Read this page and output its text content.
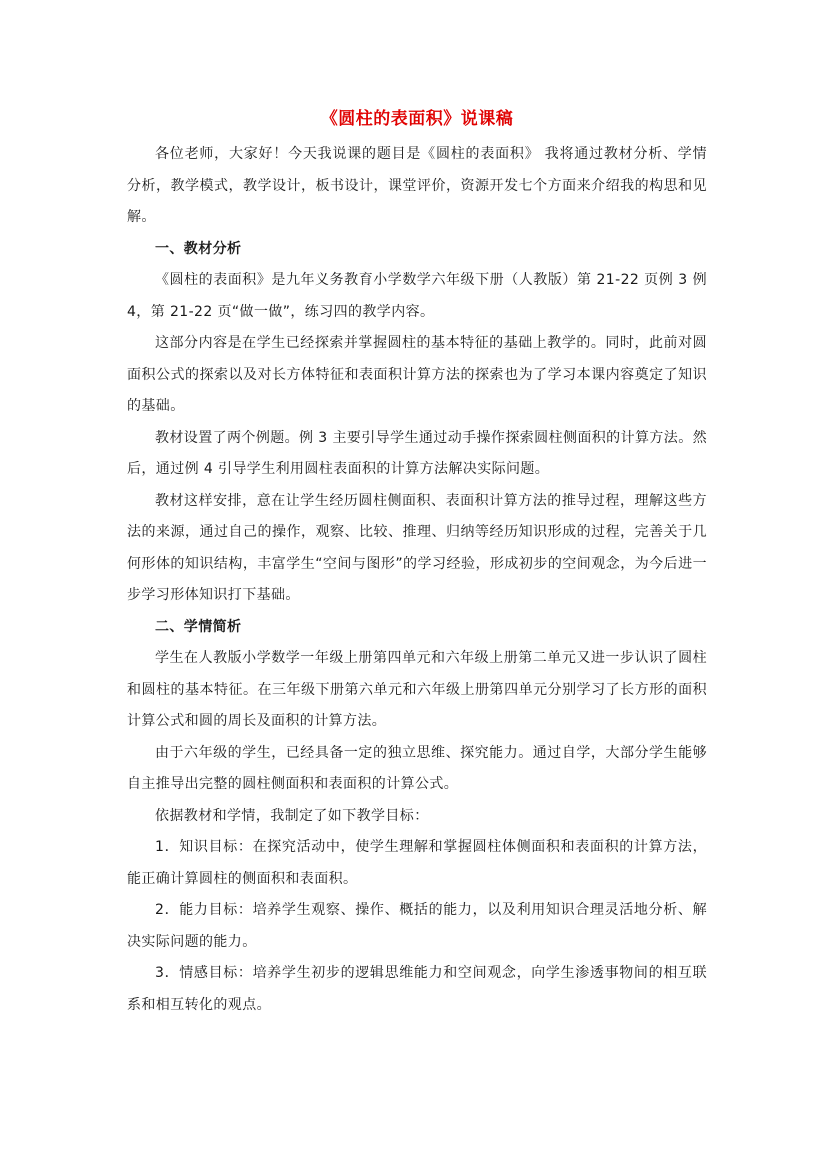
《圆柱的表面积》说课稿

各位老师，大家好！今天我说课的题目是《圆柱的表面积》 我将通过教材分析、学情分析，教学模式，教学设计，板书设计，课堂评价，资源开发七个方面来介绍我的构思和见解。

一、教材分析

《圆柱的表面积》是九年义务教育小学数学六年级下册（人教版）第 21-22 页例 3 例 4，第 21-22 页“做一做”，练习四的教学内容。

这部分内容是在学生已经探索并掌握圆柱的基本特征的基础上教学的。同时，此前对圆面积公式的探索以及对长方体特征和表面积计算方法的探索也为了学习本课内容奠定了知识的基础。

教材设置了两个例题。例 3 主要引导学生通过动手操作探索圆柱侧面积的计算方法。然后，通过例 4 引导学生利用圆柱表面积的计算方法解决实际问题。

教材这样安排，意在让学生经历圆柱侧面积、表面积计算方法的推导过程，理解这些方法的来源，通过自己的操作，观察、比较、推理、归纳等经历知识形成的过程，完善关于几何形体的知识结构，丰富学生“空间与图形”的学习经验，形成初步的空间观念，为今后进一步学习形体知识打下基础。

二、学情简析

学生在人教版小学数学一年级上册第四单元和六年级上册第二单元又进一步认识了圆柱和圆柱的基本特征。在三年级下册第六单元和六年级上册第四单元分别学习了长方形的面积计算公式和圆的周长及面积的计算方法。

由于六年级的学生，已经具备一定的独立思维、探究能力。通过自学，大部分学生能够自主推导出完整的圆柱侧面积和表面积的计算公式。

依据教材和学情，我制定了如下教学目标：

1．知识目标：在探究活动中，使学生理解和掌握圆柱体侧面积和表面积的计算方法，能正确计算圆柱的侧面积和表面积。

2．能力目标：培养学生观察、操作、概括的能力，以及利用知识合理灵活地分析、解决实际问题的能力。

3．情感目标：培养学生初步的逻辑思维能力和空间观念，向学生渗透事物间的相互联系和相互转化的观点。
